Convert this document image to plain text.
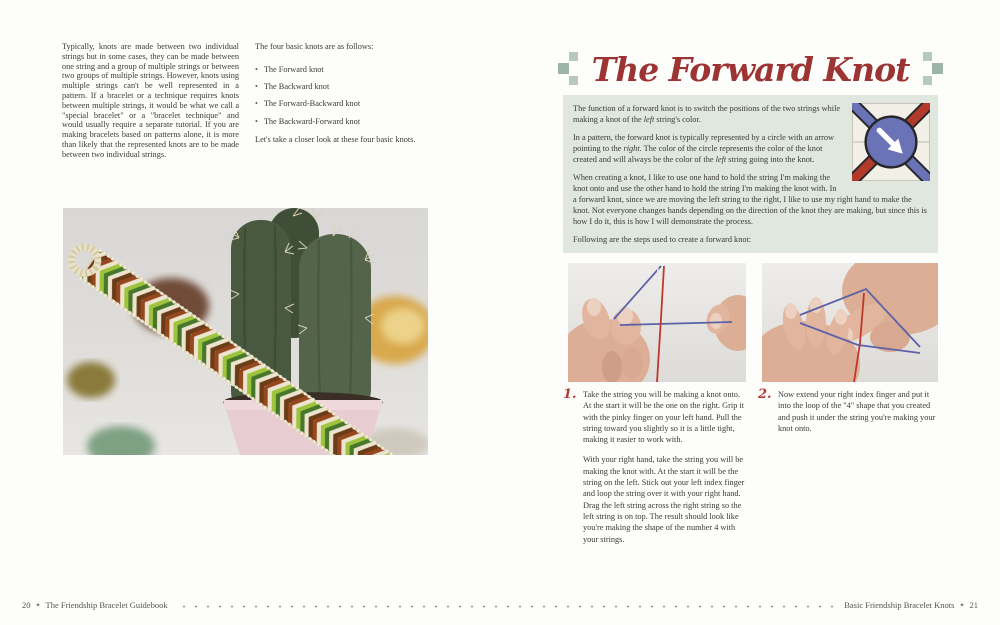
Typically, knots are made between two individual strings but in some cases, they can be made between one string and a group of multiple strings or between two groups of multiple strings. However, knots using multiple strings can't be well represented in a pattern. If a bracelet or a technique requires knots between multiple strings, it would be what we call a "special bracelet" or a "bracelet technique" and would usually require a separate tutorial. If you are making bracelets based on patterns alone, it is more than likely that the represented knots are to be made between two individual strings.

The four basic knots are as follows:

• The Forward knot
• The Backward knot
• The Forward-Backward knot
• The Backward-Forward knot

Let's take a closer look at these four basic knots.

The Forward Knot

The function of a forward knot is to switch the positions of the two strings while making a knot of the left string's color.

In a pattern, the forward knot is typically represented by a circle with an arrow pointing to the right. The color of the circle represents the color of the knot created and will always be the color of the left string going into the knot.

When creating a knot, I like to use one hand to hold the string I'm making the knot onto and use the other hand to hold the string I'm making the knot with. In a forward knot, since we are moving the left string to the right, I like to use my right hand to make the knot. Not everyone changes hands depending on the direction of the knot they are making, but since this is how I do it, this is how I will demonstrate the process.

Following are the steps used to create a forward knot:

1. Take the string you will be making a knot onto. At the start it will be the one on the right. Grip it with the pinky finger on your left hand. Pull the string toward you slightly so it is a little tight, making it easier to work with.

With your right hand, take the string you will be making the knot with. At the start it will be the string on the left. Stick out your left index finger and loop the string over it with your right hand. Drag the left string across the right string so the left string is on top. The result should look like you're making the shape of the number 4 with your strings.

2. Now extend your right index finger and put it into the loop of the "4" shape that you created and push it under the string you're making your knot onto.

20 ✦ The Friendship Bracelet Guidebook	Basic Friendship Bracelet Knots ✦ 21
